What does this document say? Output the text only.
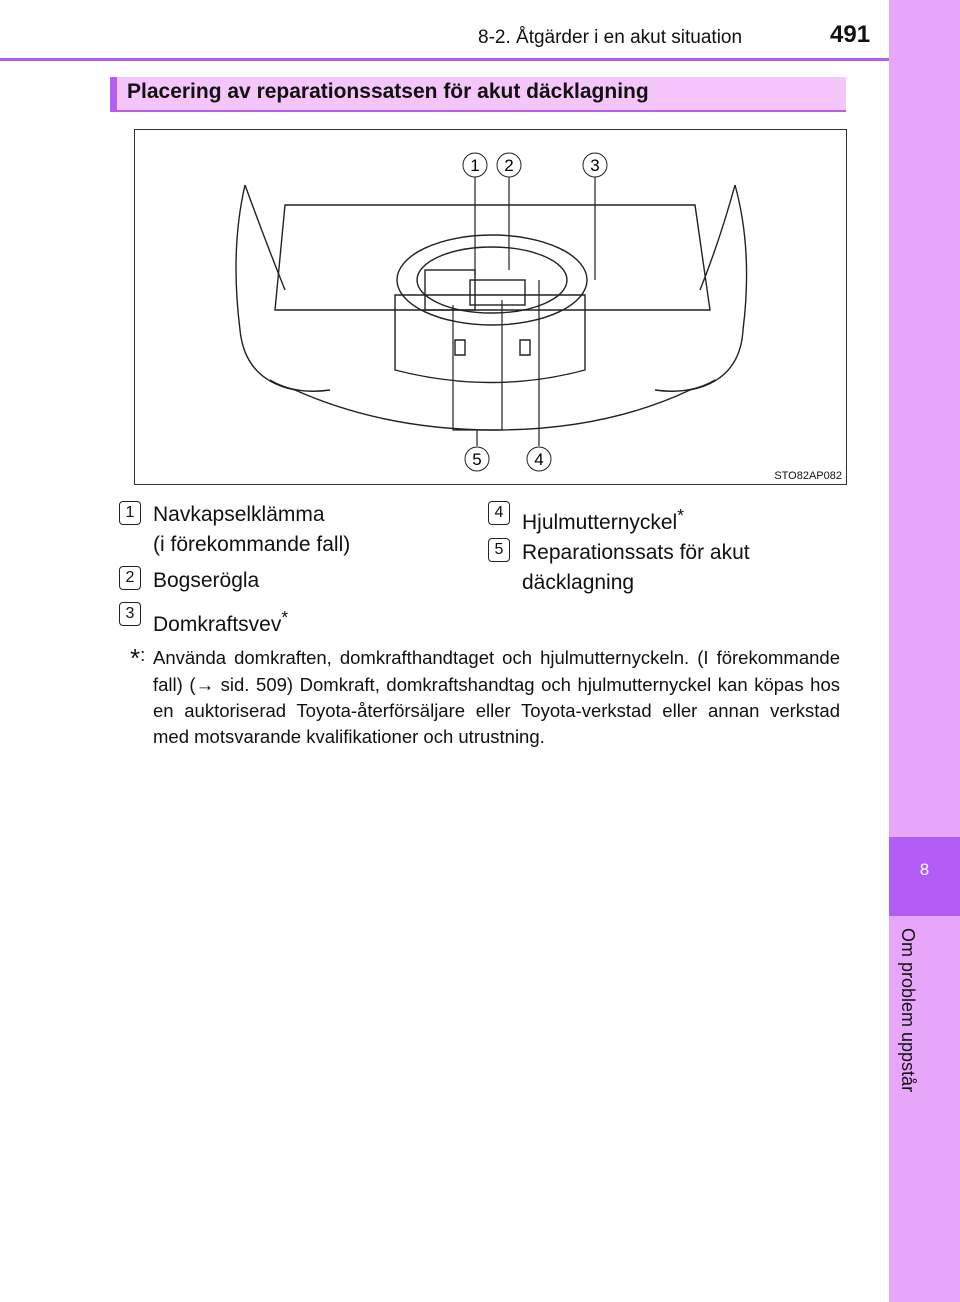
8
Om problem uppstår
8-2. Åtgärder i en akut situation	491
Placering av reparationssatsen för akut däcklagning
1 2	3
4
5
STO82AP082
1 Navkapselklämma
(i förekommande fall)
2 Bogserögla
3 Domkraftsvev*
4 Hjulmutternyckel*
5 Reparationssats för akut
däcklagning
*: Använda domkraften, domkrafthandtaget och hjulmutternyckeln. (I förekommande fall) (→ sid. 509) Domkraft, domkraftshandtag och hjulmutternyckel kan köpas hos en auktoriserad Toyota-återförsäljare eller Toyota-verkstad eller annan verkstad med motsvarande kvalifikationer och utrustning.
